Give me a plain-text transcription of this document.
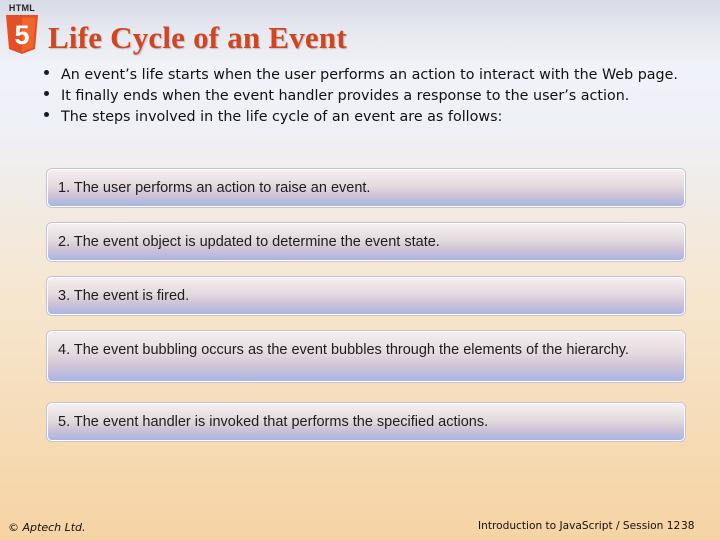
HTML
5 Life Cycle of an Event
An event’s life starts when the user performs an action to interact with the Web page.
It finally ends when the event handler provides a response to the user’s action.
The steps involved in the life cycle of an event are as follows:
1. The user performs an action to raise an event.
2. The event object is updated to determine the event state.
3. The event is fired.
4. The event bubbling occurs as the event bubbles through the elements of the hierarchy.
5. The event handler is invoked that performs the specified actions.
© Aptech Ltd.	Introduction to JavaScript / Session 12 38
